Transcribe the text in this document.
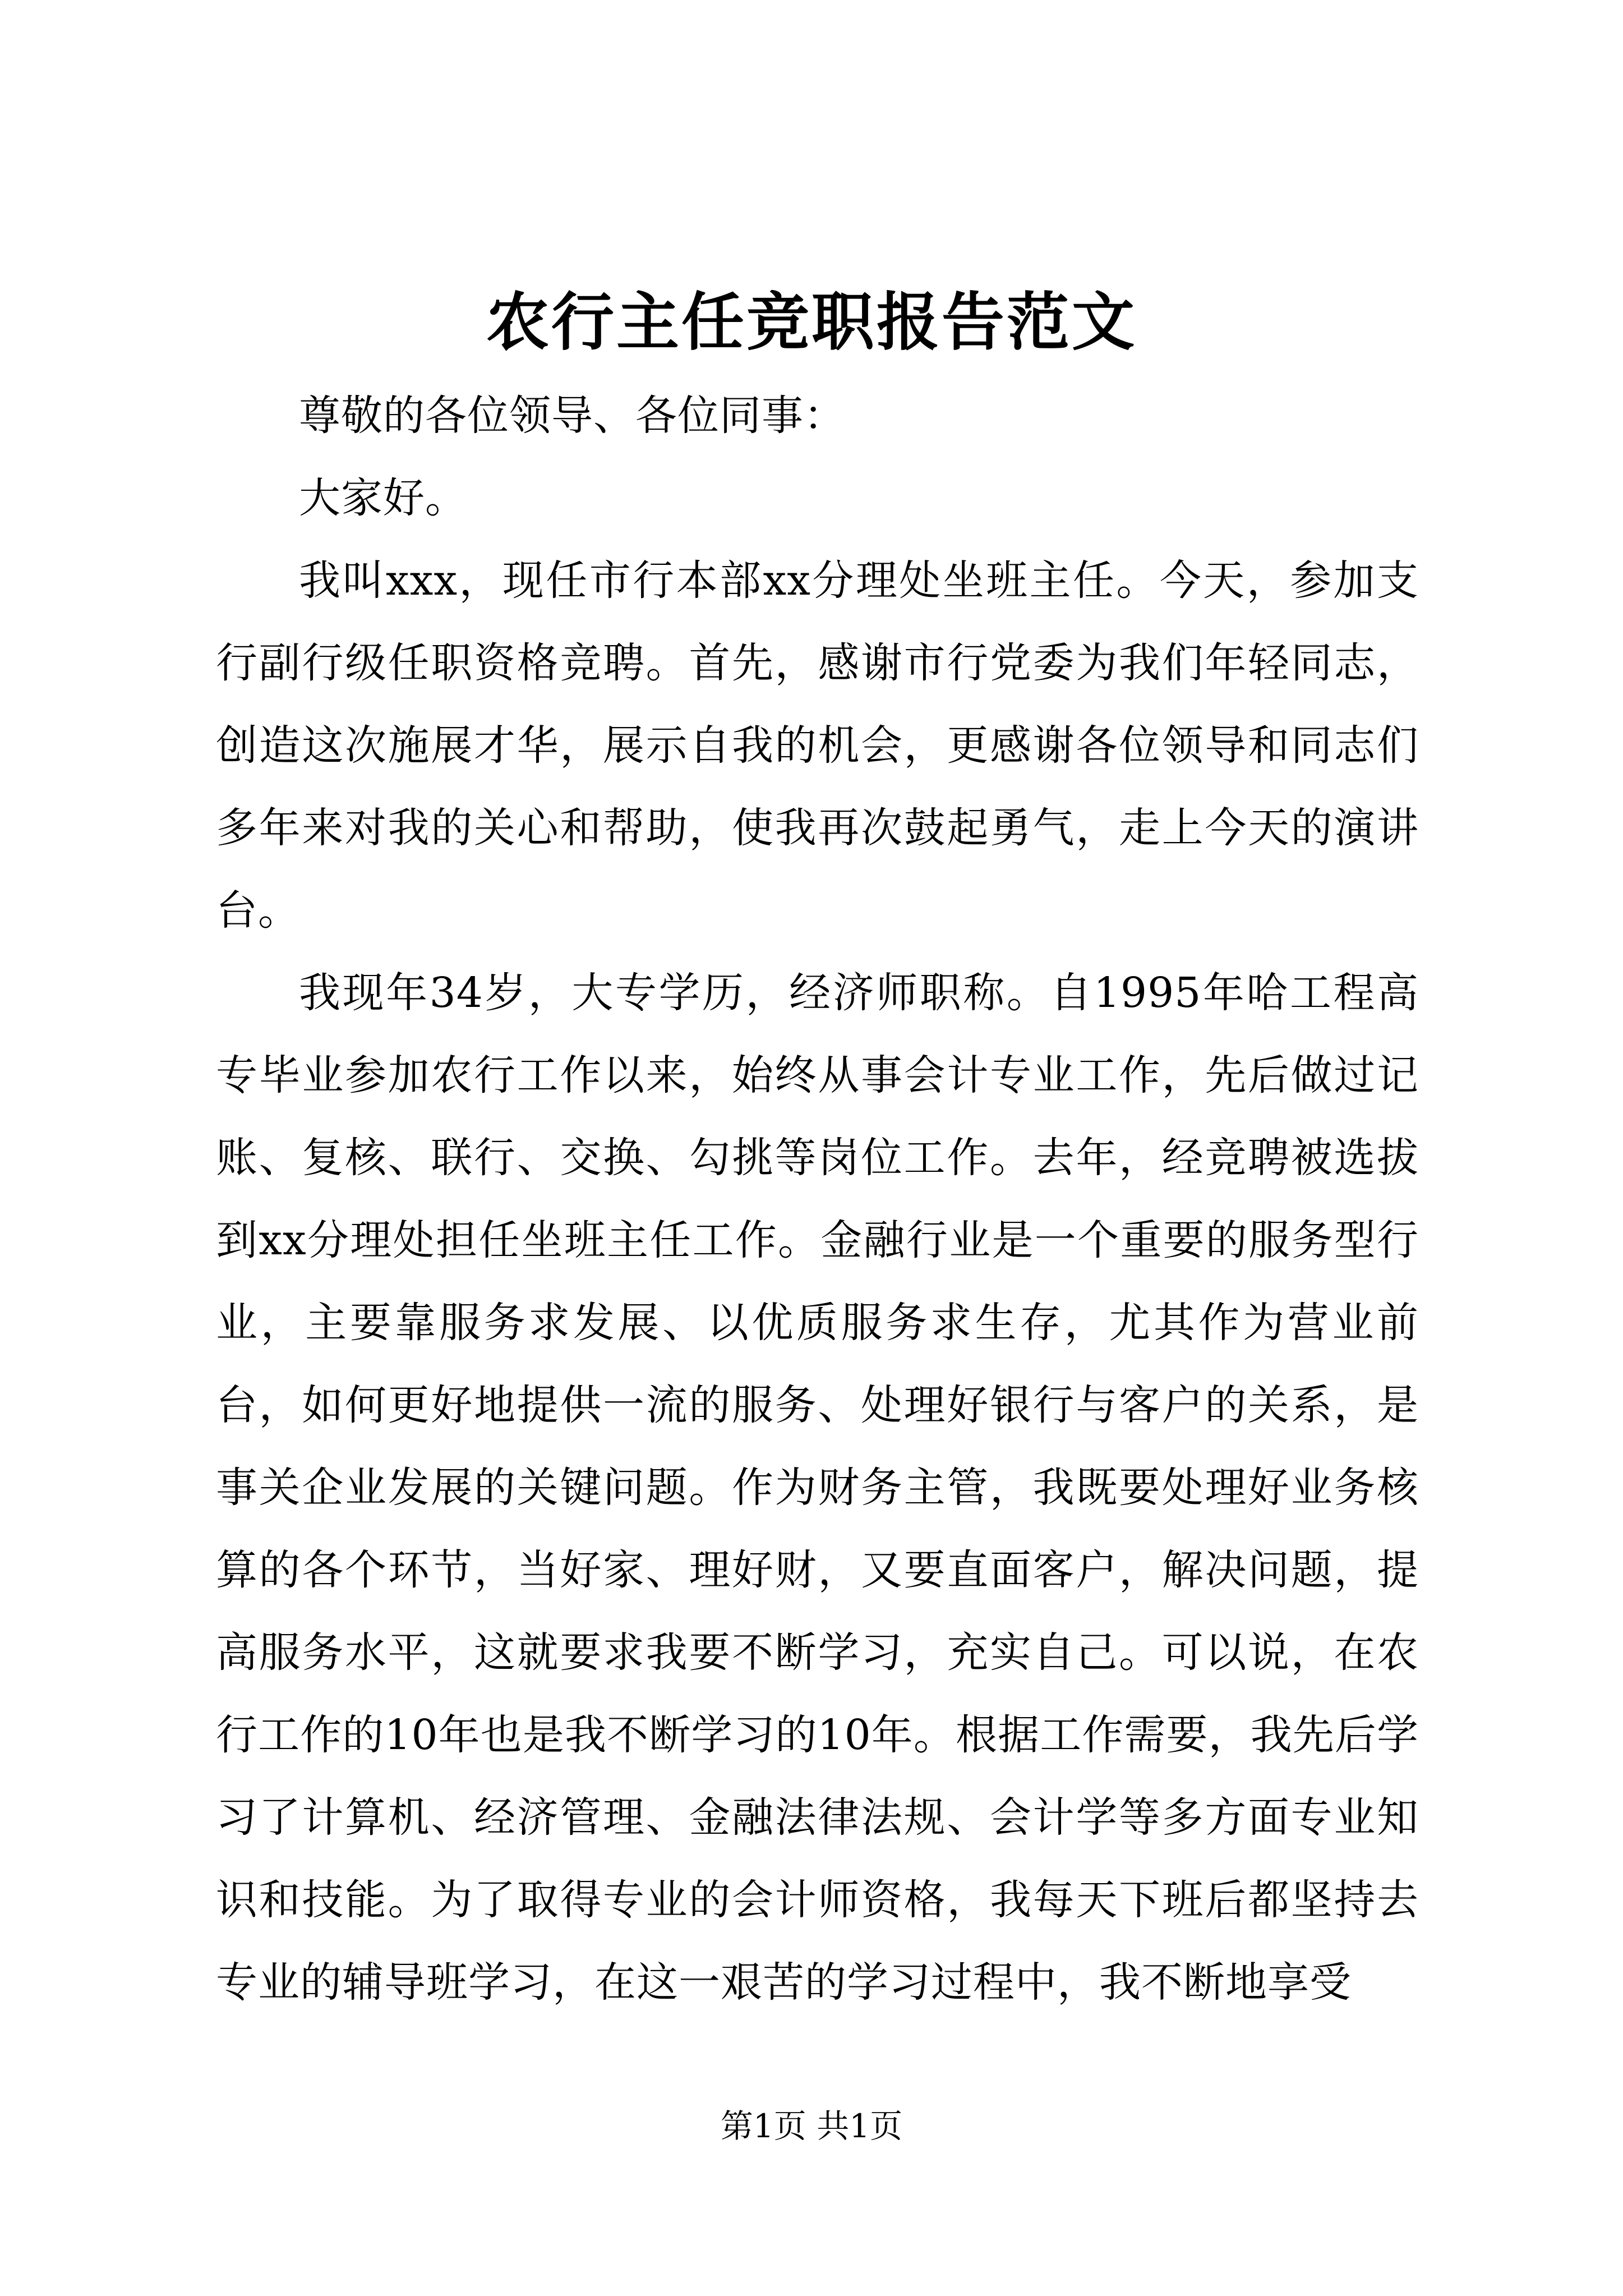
农行主任竞职报告范文

尊敬的各位领导、各位同事：

大家好。

我叫xxx，现任市行本部xx分理处坐班主任。今天，参加支行副行级任职资格竞聘。首先，感谢市行党委为我们年轻同志，创造这次施展才华，展示自我的机会，更感谢各位领导和同志们多年来对我的关心和帮助，使我再次鼓起勇气，走上今天的演讲台。

我现年34岁，大专学历，经济师职称。自1995年哈工程高专毕业参加农行工作以来，始终从事会计专业工作，先后做过记账、复核、联行、交换、勾挑等岗位工作。去年，经竞聘被选拔到xx分理处担任坐班主任工作。金融行业是一个重要的服务型行业，主要靠服务求发展、以优质服务求生存，尤其作为营业前台，如何更好地提供一流的服务、处理好银行与客户的关系，是事关企业发展的关键问题。作为财务主管，我既要处理好业务核算的各个环节，当好家、理好财，又要直面客户，解决问题，提高服务水平，这就要求我要不断学习，充实自己。可以说，在农行工作的10年也是我不断学习的10年。根据工作需要，我先后学习了计算机、经济管理、金融法律法规、会计学等多方面专业知识和技能。为了取得专业的会计师资格，我每天下班后都坚持去专业的辅导班学习，在这一艰苦的学习过程中，我不断地享受

第1页 共1页
